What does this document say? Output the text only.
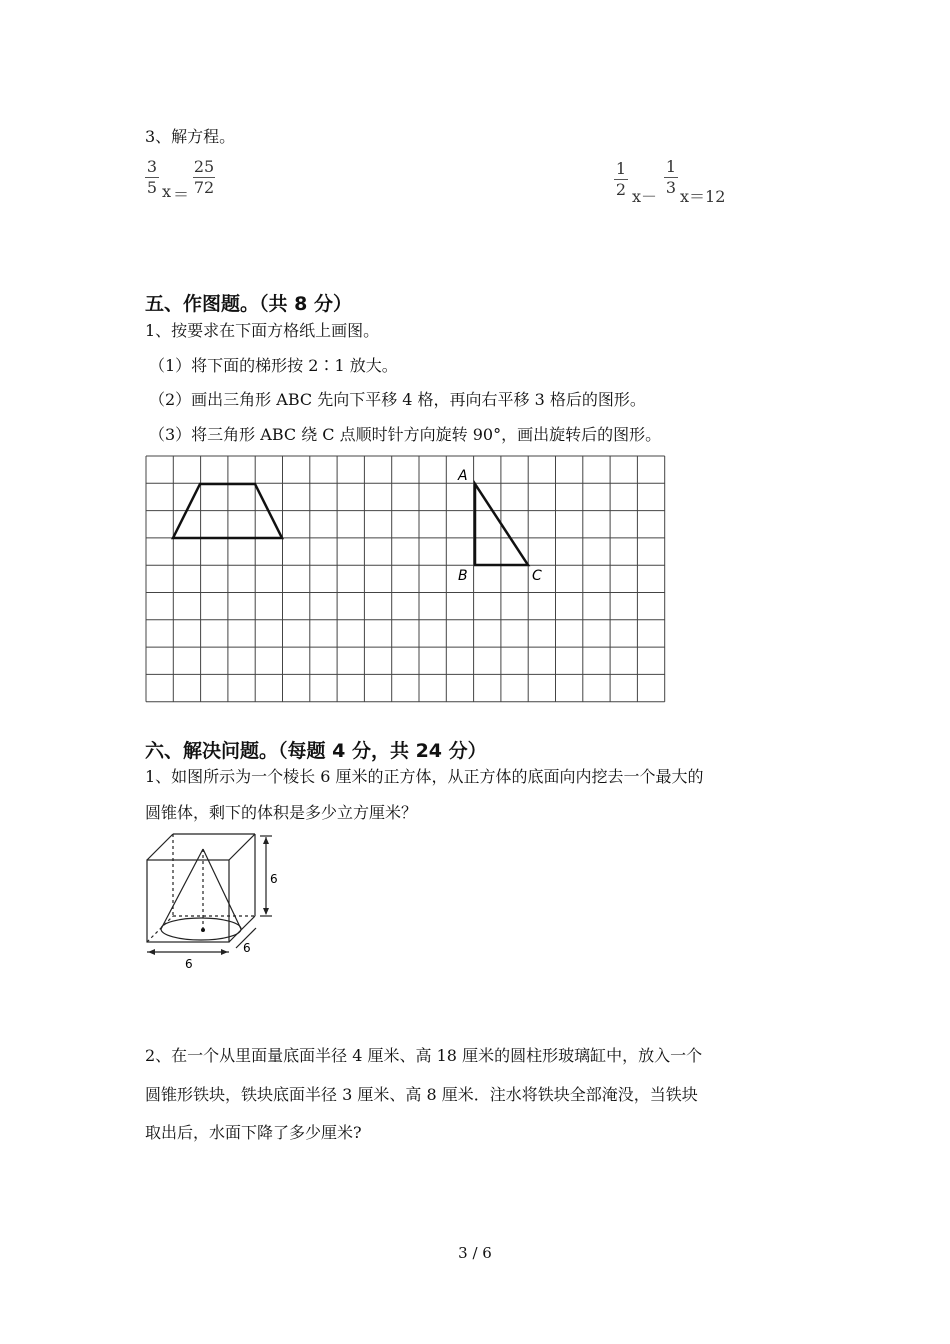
3、解方程。
3
5 x ＝
25
72
1
2 x－
1
3 x＝12
五、作图题。（共 8 分）
1、按要求在下面方格纸上画图。
（1）将下面的梯形按 2∶1 放大。
（2）画出三角形 ABC 先向下平移 4 格，再向右平移 3 格后的图形。
（3）将三角形 ABC 绕 C 点顺时针方向旋转 90°，画出旋转后的图形。
A
B	C
六、解决问题。（每题 4 分，共 24 分）
1、如图所示为一个棱长 6 厘米的正方体，从正方体的底面向内挖去一个最大的
圆锥体，剩下的体积是多少立方厘米？
6
6
6
2、在一个从里面量底面半径 4 厘米、高 18 厘米的圆柱形玻璃缸中，放入一个
圆锥形铁块，铁块底面半径 3 厘米、高 8 厘米．注水将铁块全部淹没，当铁块
取出后，水面下降了多少厘米?
3 / 6
